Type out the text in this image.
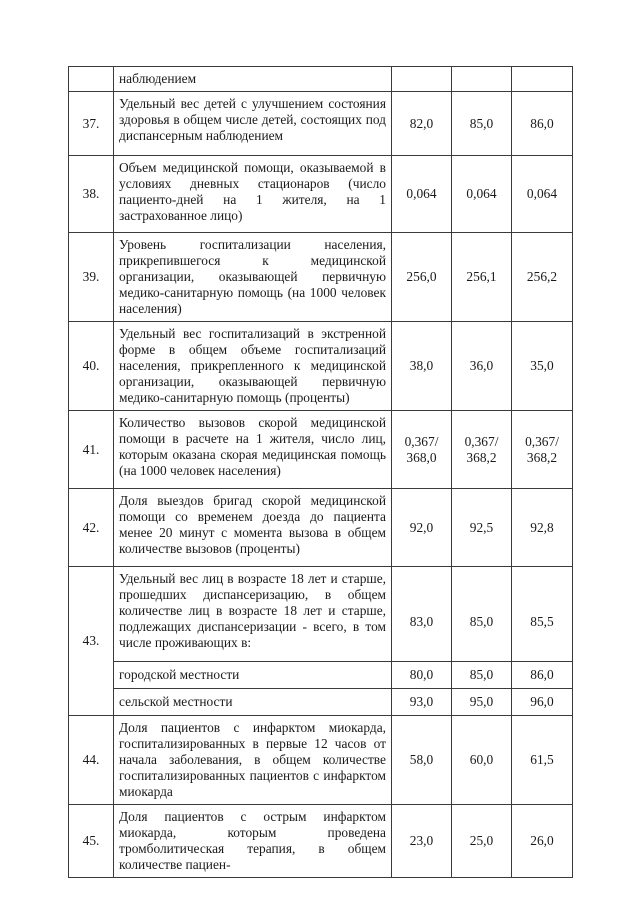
	наблюдением			
37.	Удельный вес детей с улучшением состояния здоровья в общем числе детей, состоящих под диспансерным наблюдением	82,0	85,0	86,0
38.	Объем медицинской помощи, оказываемой в условиях дневных стационаров (число пациенто-дней на 1 жителя, на 1 застрахованное лицо)	0,064	0,064	0,064
39.	Уровень госпитализации населения, прикрепившегося к медицинской организации, оказывающей первичную медико-санитарную помощь (на 1000 человек населения)	256,0	256,1	256,2
40.	Удельный вес госпитализаций в экстренной форме в общем объеме госпитализаций населения, прикрепленного к медицинской организации, оказывающей первичную медико-санитарную помощь (проценты)	38,0	36,0	35,0
41.	Количество вызовов скорой медицинской помощи в расчете на 1 жителя, число лиц, которым оказана скорая медицинская помощь (на 1000 человек населения)	0,367/ 368,0	0,367/ 368,2	0,367/ 368,2
42.	Доля выездов бригад скорой медицинской помощи со временем доезда до пациента менее 20 минут с момента вызова в общем количестве вызовов (проценты)	92,0	92,5	92,8
43.	Удельный вес лиц в возрасте 18 лет и старше, прошедших диспансеризацию, в общем количестве лиц в возрасте 18 лет и старше, подлежащих диспансеризации - всего, в том числе проживающих в:	83,0	85,0	85,5
	городской местности	80,0	85,0	86,0
	сельской местности	93,0	95,0	96,0
44.	Доля пациентов с инфарктом миокарда, госпитализированных в первые 12 часов от начала заболевания, в общем количестве госпитализированных пациентов с инфарктом миокарда	58,0	60,0	61,5
45.	Доля пациентов с острым инфарктом миокарда, которым проведена тромболитическая терапия, в общем количестве пациен-	23,0	25,0	26,0
